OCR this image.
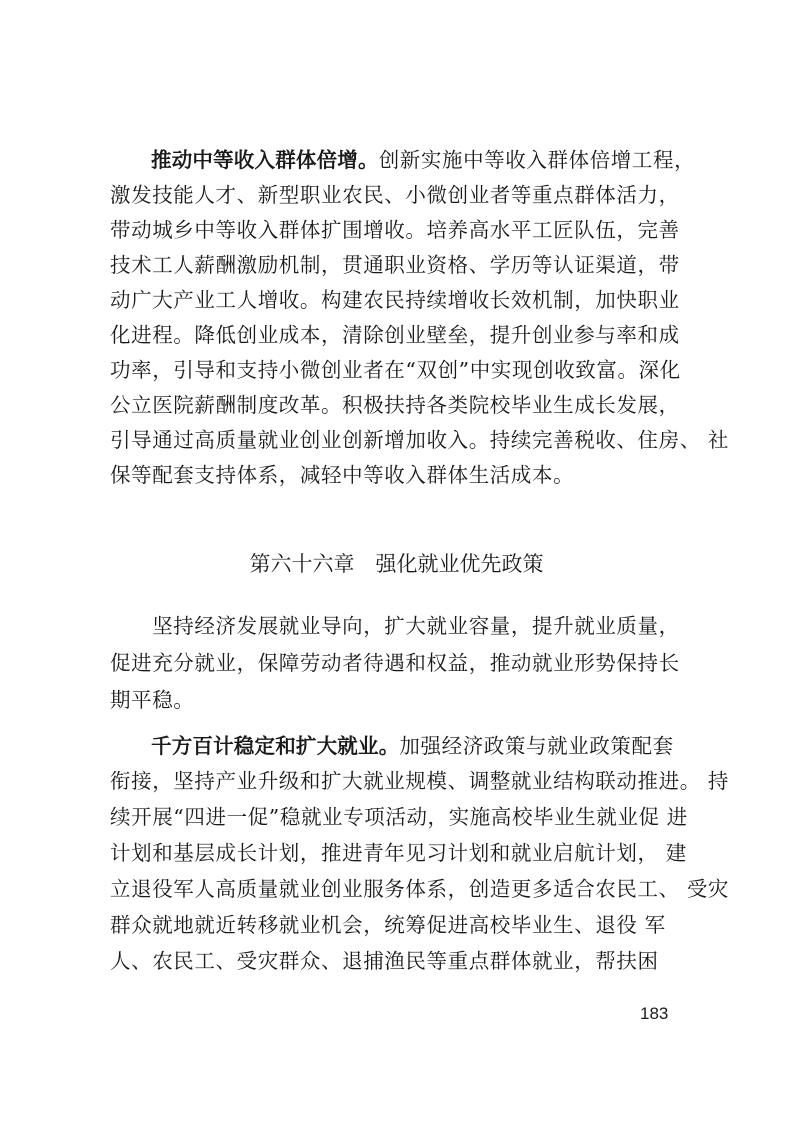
推动中等收入群体倍增。创新实施中等收入群体倍增工程，
激发技能人才、新型职业农民、小微创业者等重点群体活力，
带动城乡中等收入群体扩围增收。培养高水平工匠队伍，完善
技术工人薪酬激励机制，贯通职业资格、学历等认证渠道，带
动广大产业工人增收。构建农民持续增收长效机制，加快职业
化进程。降低创业成本，清除创业壁垒，提升创业参与率和成
功率，引导和支持小微创业者在“双创”中实现创收致富。深化
公立医院薪酬制度改革。积极扶持各类院校毕业生成长发展，
引导通过高质量就业创业创新增加收入。持续完善税收、住房、 社
保等配套支持体系，减轻中等收入群体生活成本。
第六十六章　强化就业优先政策
　　坚持经济发展就业导向，扩大就业容量，提升就业质量，
促进充分就业，保障劳动者待遇和权益，推动就业形势保持长
期平稳。
千方百计稳定和扩大就业。加强经济政策与就业政策配套
衔接，坚持产业升级和扩大就业规模、调整就业结构联动推进。 持
续开展“四进一促”稳就业专项活动，实施高校毕业生就业促 进
计划和基层成长计划，推进青年见习计划和就业启航计划， 建
立退役军人高质量就业创业服务体系，创造更多适合农民工、 受灾
群众就地就近转移就业机会，统筹促进高校毕业生、退役 军
人、农民工、受灾群众、退捕渔民等重点群体就业，帮扶困
183
